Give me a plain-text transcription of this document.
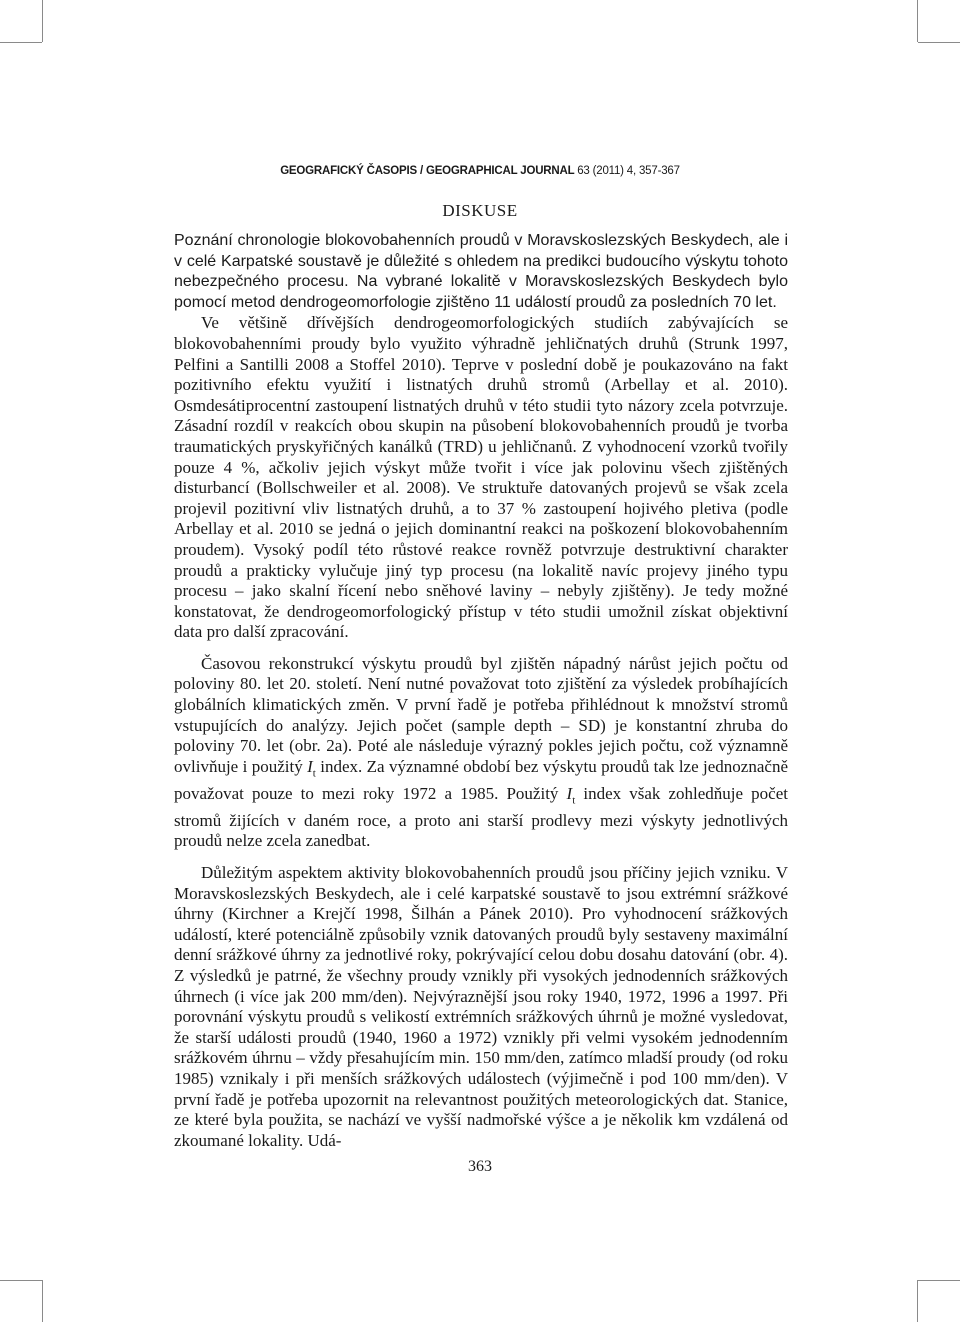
GEOGRAFICKÝ ČASOPIS / GEOGRAPHICAL JOURNAL 63 (2011) 4, 357-367
DISKUSE

Poznání chronologie blokovobahenních proudů v Moravskoslezských Beskydech, ale i v celé Karpatské soustavě je důležité s ohledem na predikci budoucího výskytu tohoto nebezpečného procesu. Na vybrané lokalitě v Moravskoslezských Beskydech bylo pomocí metod dendrogeomorfologie zjištěno 11 událostí proudů za posledních 70 let.

Ve většině dřívějších dendrogeomorfologických studiích zabývajících se blokovobahenními proudy bylo využito výhradně jehličnatých druhů (Strunk 1997, Pelfini a Santilli 2008 a Stoffel 2010). Teprve v poslední době je poukazováno na fakt pozitivního efektu využití i listnatých druhů stromů (Arbellay et al. 2010). Osmdesátiprocentní zastoupení listnatých druhů v této studii tyto názory zcela potvrzuje. Zásadní rozdíl v reakcích obou skupin na působení blokovobahenních proudů je tvorba traumatických pryskyřičných kanálků (TRD) u jehličnanů. Z vyhodnocení vzorků tvořily pouze 4 %, ačkoliv jejich výskyt může tvořit i více jak polovinu všech zjištěných disturbancí (Bollschweiler et al. 2008). Ve struktuře datovaných projevů se však zcela projevil pozitivní vliv listnatých druhů, a to 37 % zastoupení hojivého pletiva (podle Arbellay et al. 2010 se jedná o jejich dominantní reakci na poškození blokovobahenním proudem). Vysoký podíl této růstové reakce rovněž potvrzuje destruktivní charakter proudů a prakticky vylučuje jiný typ procesu (na lokalitě navíc projevy jiného typu procesu – jako skalní řícení nebo sněhové laviny – nebyly zjištěny). Je tedy možné konstatovat, že dendrogeomorfologický přístup v této studii umožnil získat objektivní data pro další zpracování.

Časovou rekonstrukcí výskytu proudů byl zjištěn nápadný nárůst jejich počtu od poloviny 80. let 20. století. Není nutné považovat toto zjištění za výsledek probíhajících globálních klimatických změn. V první řadě je potřeba přihlédnout k množství stromů vstupujících do analýzy. Jejich počet (sample depth – SD) je konstantní zhruba do poloviny 70. let (obr. 2a). Poté ale následuje výrazný pokles jejich počtu, což významně ovlivňuje i použitý $I_t$ index. Za významné období bez výskytu proudů tak lze jednoznačně považovat pouze to mezi roky 1972 a 1985. Použitý $I_t$ index však zohledňuje počet stromů žijících v daném roce, a proto ani starší prodlevy mezi výskyty jednotlivých proudů nelze zcela zanedbat.

Důležitým aspektem aktivity blokovobahenních proudů jsou příčiny jejich vzniku. V Moravskoslezských Beskydech, ale i celé karpatské soustavě to jsou extrémní srážkové úhrny (Kirchner a Krejčí 1998, Šilhán a Pánek 2010). Pro vyhodnocení srážkových událostí, které potenciálně způsobily vznik datovaných proudů byly sestaveny maximální denní srážkové úhrny za jednotlivé roky, pokrývající celou dobu dosahu datování (obr. 4). Z výsledků je patrné, že všechny proudy vznikly při vysokých jednodenních srážkových úhrnech (i více jak 200 mm/den). Nejvýraznější jsou roky 1940, 1972, 1996 a 1997. Při porovnání výskytu proudů s velikostí extrémních srážkových úhrnů je možné vysledovat, že starší události proudů (1940, 1960 a 1972) vznikly při velmi vysokém jednodenním srážkovém úhrnu – vždy přesahujícím min. 150 mm/den, zatímco mladší proudy (od roku 1985) vznikaly i při menších srážkových událostech (výjimečně i pod 100 mm/den). V první řadě je potřeba upozornit na relevantnost použitých meteorologických dat. Stanice, ze které byla použita, se nachází ve vyšší nadmořské výšce a je několik km vzdálená od zkoumané lokality. Udá-

363
